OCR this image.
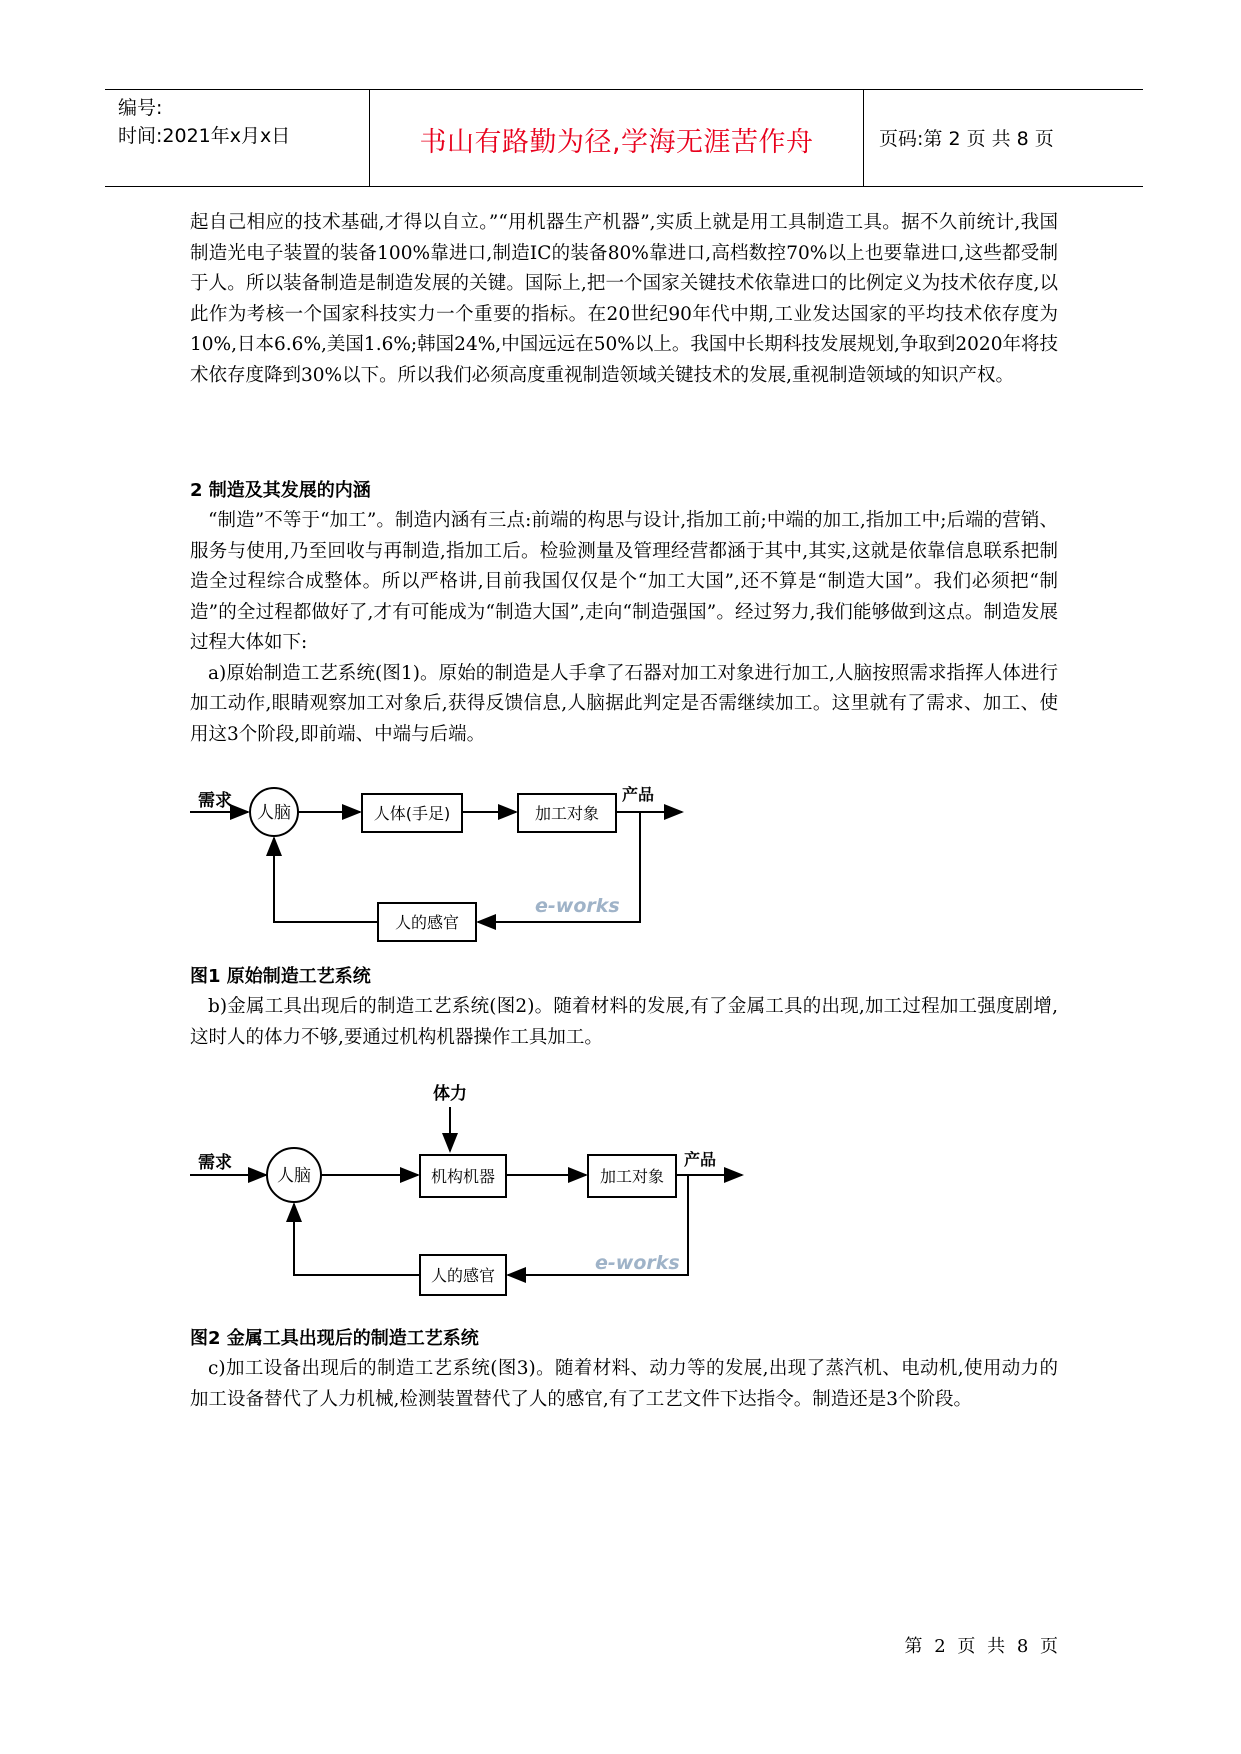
编号:
时间:2021年x月x日	书山有路勤为径,学海无涯苦作舟	页码:第 2 页 共 8 页

起自己相应的技术基础,才得以自立。”“用机器生产机器”,实质上就是用工具制造工具。据不久前统计,我国制造光电子装置的装备100%靠进口,制造IC的装备80%靠进口,高档数控70%以上也要靠进口,这些都受制于人。所以装备制造是制造发展的关键。国际上,把一个国家关键技术依靠进口的比例定义为技术依存度,以此作为考核一个国家科技实力一个重要的指标。在20世纪90年代中期,工业发达国家的平均技术依存度为10%,日本6.6%,美国1.6%;韩国24%,中国远远在50%以上。我国中长期科技发展规划,争取到2020年将技术依存度降到30%以下。所以我们必须高度重视制造领域关键技术的发展,重视制造领域的知识产权。

2 制造及其发展的内涵

“制造”不等于“加工”。制造内涵有三点:前端的构思与设计,指加工前;中端的加工,指加工中;后端的营销、服务与使用,乃至回收与再制造,指加工后。检验测量及管理经营都涵于其中,其实,这就是依靠信息联系把制造全过程综合成整体。所以严格讲,目前我国仅仅是个“加工大国”,还不算是“制造大国”。我们必须把“制造”的全过程都做好了,才有可能成为“制造大国”,走向“制造强国”。经过努力,我们能够做到这点。制造发展过程大体如下:

a)原始制造工艺系统(图1)。原始的制造是人手拿了石器对加工对象进行加工,人脑按照需求指挥人体进行加工动作,眼睛观察加工对象后,获得反馈信息,人脑据此判定是否需继续加工。这里就有了需求、加工、使用这3个阶段,即前端、中端与后端。

需求
人脑	人体(手足)	加工对象
产品
人的感官
e-works

图1 原始制造工艺系统

b)金属工具出现后的制造工艺系统(图2)。随着材料的发展,有了金属工具的出现,加工过程加工强度剧增,这时人的体力不够,要通过机构机器操作工具加工。

体力
需求
人脑	机构机器	加工对象
产品
人的感官
e-works

图2 金属工具出现后的制造工艺系统

c)加工设备出现后的制造工艺系统(图3)。随着材料、动力等的发展,出现了蒸汽机、电动机,使用动力的加工设备替代了人力机械,检测装置替代了人的感官,有了工艺文件下达指令。制造还是3个阶段。

第 2 页 共 8 页
